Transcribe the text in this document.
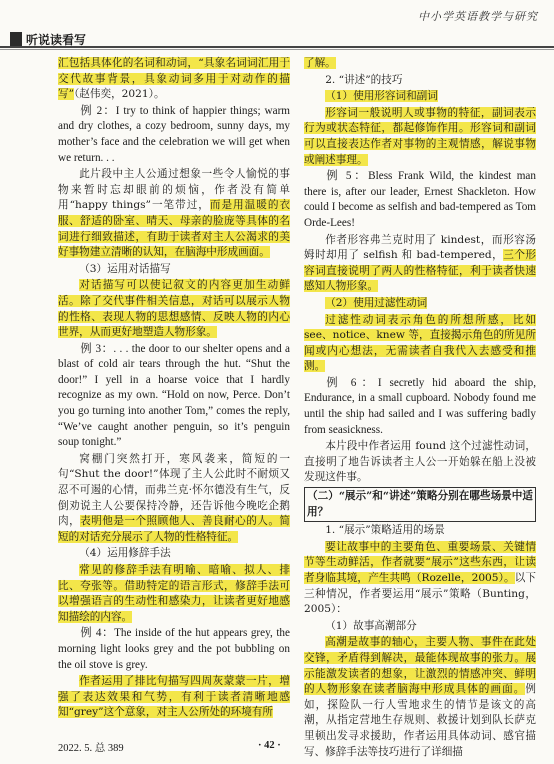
听说读看写
中小学英语教学与研究

汇包括具体化的名词和动词，“具象名词词汇用于交代故事背景，具象动词多用于对动作的描写”（赵伟奕，2021）。

例 2：I try to think of happier things; warm and dry clothes, a cozy bedroom, sunny days, my mother’s face and the celebration we will get when we return. . .

此片段中主人公通过想象一些令人愉悦的事物来暂时忘却眼前的烦恼，作者没有简单用“happy things”一笔带过，而是用温暖的衣服、舒适的卧室、晴天、母亲的脸庞等具体的名词进行细致描述，有助于读者对主人公渴求的美好事物建立清晰的认知，在脑海中形成画面。

（3）运用对话描写

对话描写可以使记叙文的内容更加生动鲜活。除了交代事件相关信息，对话可以展示人物的性格、表现人物的思想感情、反映人物的内心世界，从而更好地塑造人物形象。

例 3：. . . the door to our shelter opens and a blast of cold air tears through the hut. “Shut the door!” I yell in a hoarse voice that I hardly recognize as my own. “Hold on now, Perce. Don’t you go turning into another Tom,” comes the reply, “We’ve caught another penguin, so it’s penguin soup tonight.”

窝棚门突然打开，寒风袭来，简短的一句“Shut the door!”体现了主人公此时不耐烦又忍不可遏的心情，而弗兰克·怀尔德没有生气，反倒劝说主人公要保持冷静，还告诉他今晚吃企鹅肉，表明他是一个照顾他人、善良耐心的人。简短的对话充分展示了人物的性格特征。

（4）运用修辞手法

常见的修辞手法有明喻、暗喻、拟人、排比、夸张等。借助特定的语言形式，修辞手法可以增强语言的生动性和感染力，让读者更好地感知描绘的内容。

例 4：The inside of the hut appears grey, the morning light looks grey and the pot bubbling on the oil stove is grey.

作者运用了排比句描写四周灰蒙蒙一片，增强了表达效果和气势，有利于读者清晰地感知“grey”这个意象，对主人公所处的环境有所

了解。

2. “讲述”的技巧

（1）使用形容词和副词

形容词一般说明人或事物的特征，副词表示行为或状态特征，都起修饰作用。形容词和副词可以直接表达作者对事物的主观情感，解说事物或阐述事理。

例 5：Bless Frank Wild, the kindest man there is, after our leader, Ernest Shackleton. How could I become as selfish and bad-tempered as Tom Orde-Lees!

作者形容弗兰克时用了 kindest，而形容汤姆时却用了 selfish 和 bad-tempered，三个形容词直接说明了两人的性格特征，利于读者快速感知人物形象。

（2）使用过滤性动词

过滤性动词表示角色的所想所感，比如 see、notice、knew 等，直接揭示角色的所见所闻或内心想法，无需读者自我代入去感受和推测。

例 6：I secretly hid aboard the ship, Endurance, in a small cupboard. Nobody found me until the ship had sailed and I was suffering badly from seasickness.

本片段中作者运用 found 这个过滤性动词，直接明了地告诉读者主人公一开始躲在船上没被发现这件事。

（二）“展示”和“讲述”策略分别在哪些场景中适用？

1. “展示”策略适用的场景

要让故事中的主要角色、重要场景、关键情节等生动鲜活，作者就要“展示”这些东西，让读者身临其境，产生共鸣（Rozelle，2005）。以下三种情况，作者要运用“展示”策略（Bunting，2005）：

（1）故事高潮部分

高潮是故事的轴心，主要人物、事件在此处交锋，矛盾得到解决，最能体现故事的张力。展示能激发读者的想象，让激烈的情感冲突、鲜明的人物形象在读者脑海中形成具体的画面。例如，探险队一行人雪地求生的情节是该文的高潮，从指定营地生存规则、救援计划到队长萨克里顿出发寻求援助，作者运用具体动词、感官描写、修辞手法等技巧进行了详细描

2022. 5. 总 389	· 42 ·
